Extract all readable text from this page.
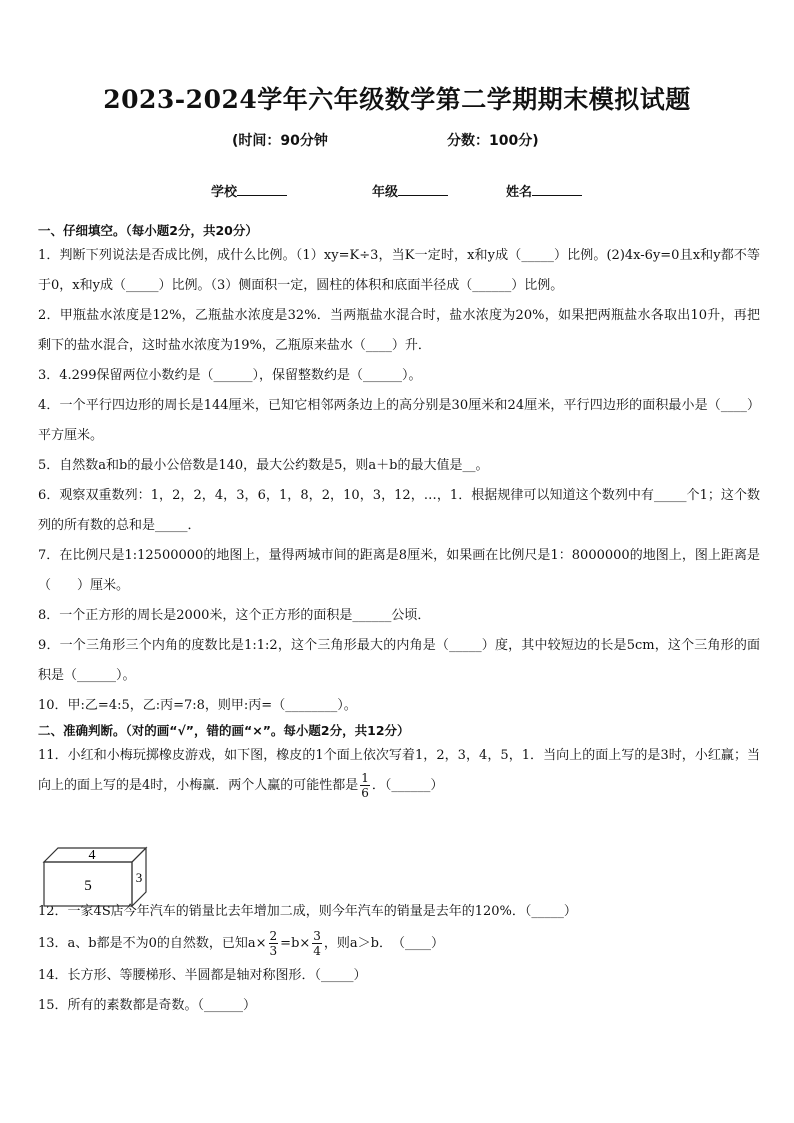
2023-2024学年六年级数学第二学期期末模拟试题
(时间：90分钟	分数：100分)
学校	年级	姓名

一、仔细填空。（每小题2分，共20分）

1．判断下列说法是否成比例，成什么比例。（1）xy=K÷3，当K一定时，x和y成（_____）比例。(2)4x-6y=0且x和y都不等于0，x和y成（_____）比例。（3）侧面积一定，圆柱的体积和底面半径成（______）比例。

2．甲瓶盐水浓度是12%，乙瓶盐水浓度是32%．当两瓶盐水混合时，盐水浓度为20%，如果把两瓶盐水各取出10升，再把剩下的盐水混合，这时盐水浓度为19%，乙瓶原来盐水（____）升．

3．4.299保留两位小数约是（______），保留整数约是（______）。

4．一个平行四边形的周长是144厘米，已知它相邻两条边上的高分别是30厘米和24厘米，平行四边形的面积最小是（____）平方厘米。

5．自然数a和b的最小公倍数是140，最大公约数是5，则a＋b的最大值是__。

6．观察双重数列：1，2，2，4，3，6，1，8，2，10，3，12，…，1．根据规律可以知道这个数列中有_____个1；这个数列的所有数的总和是_____．

7．在比例尺是1:12500000的地图上，量得两城市间的距离是8厘米，如果画在比例尺是1：8000000的地图上，图上距离是（　　）厘米。

8．一个正方形的周长是2000米，这个正方形的面积是______公顷．

9．一个三角形三个内角的度数比是1:1:2，这个三角形最大的内角是（_____）度，其中较短边的长是5cm，这个三角形的面积是（______）。

10．甲:乙=4:5，乙:丙=7:8，则甲:丙=（________）。

二、准确判断。（对的画“√”，错的画“×”。每小题2分，共12分）

11．小红和小梅玩掷橡皮游戏，如下图，橡皮的1个面上依次写着1，2，3，4，5，1．当向上的面上写的是3时，小红赢；当向上的面上写的是4时，小梅赢．两个人赢的可能性都是 $\frac{1}{6}$ ．（______）

12．一家4S店今年汽车的销量比去年增加二成，则今年汽车的销量是去年的120%．（_____）

13．a、b都是不为0的自然数，已知$a\times \frac{2}{3} =b\times \frac{3}{4}$ ，则a＞b．　（____）

14．长方形、等腰梯形、半圆都是轴对称图形．（_____）

15．所有的素数都是奇数。（______）

4
5
3
